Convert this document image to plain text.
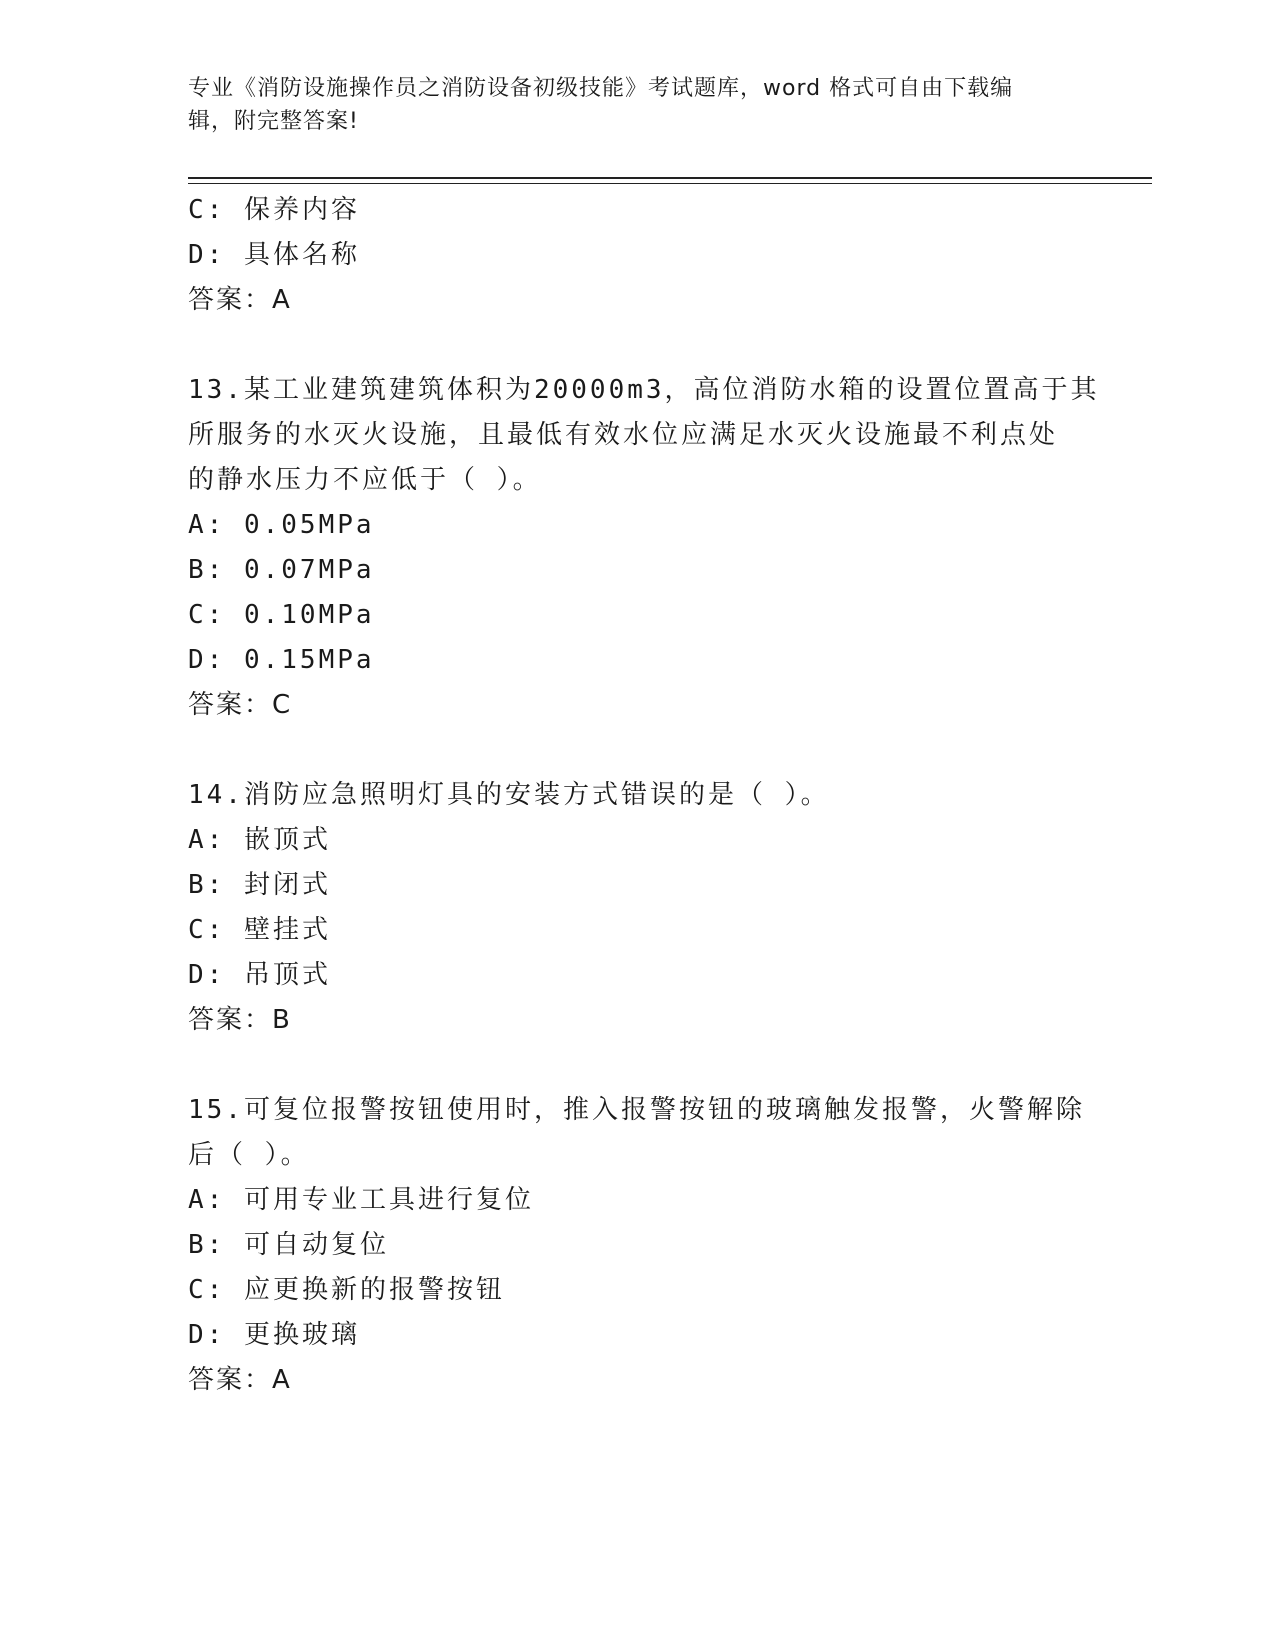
专业《消防设施操作员之消防设备初级技能》考试题库，word 格式可自由下载编
辑，附完整答案!
C: 保养内容
D: 具体名称
答案：A
13.某工业建筑建筑体积为20000m3，高位消防水箱的设置位置高于其
所服务的水灭火设施，且最低有效水位应满足水灭火设施最不利点处
的静水压力不应低于（ ）。
A: 0.05MPa
B: 0.07MPa
C: 0.10MPa
D: 0.15MPa
答案：C
14.消防应急照明灯具的安装方式错误的是（ ）。
A: 嵌顶式
B: 封闭式
C: 壁挂式
D: 吊顶式
答案：B
15.可复位报警按钮使用时，推入报警按钮的玻璃触发报警，火警解除
后（ ）。
A: 可用专业工具进行复位
B: 可自动复位
C: 应更换新的报警按钮
D: 更换玻璃
答案：A
